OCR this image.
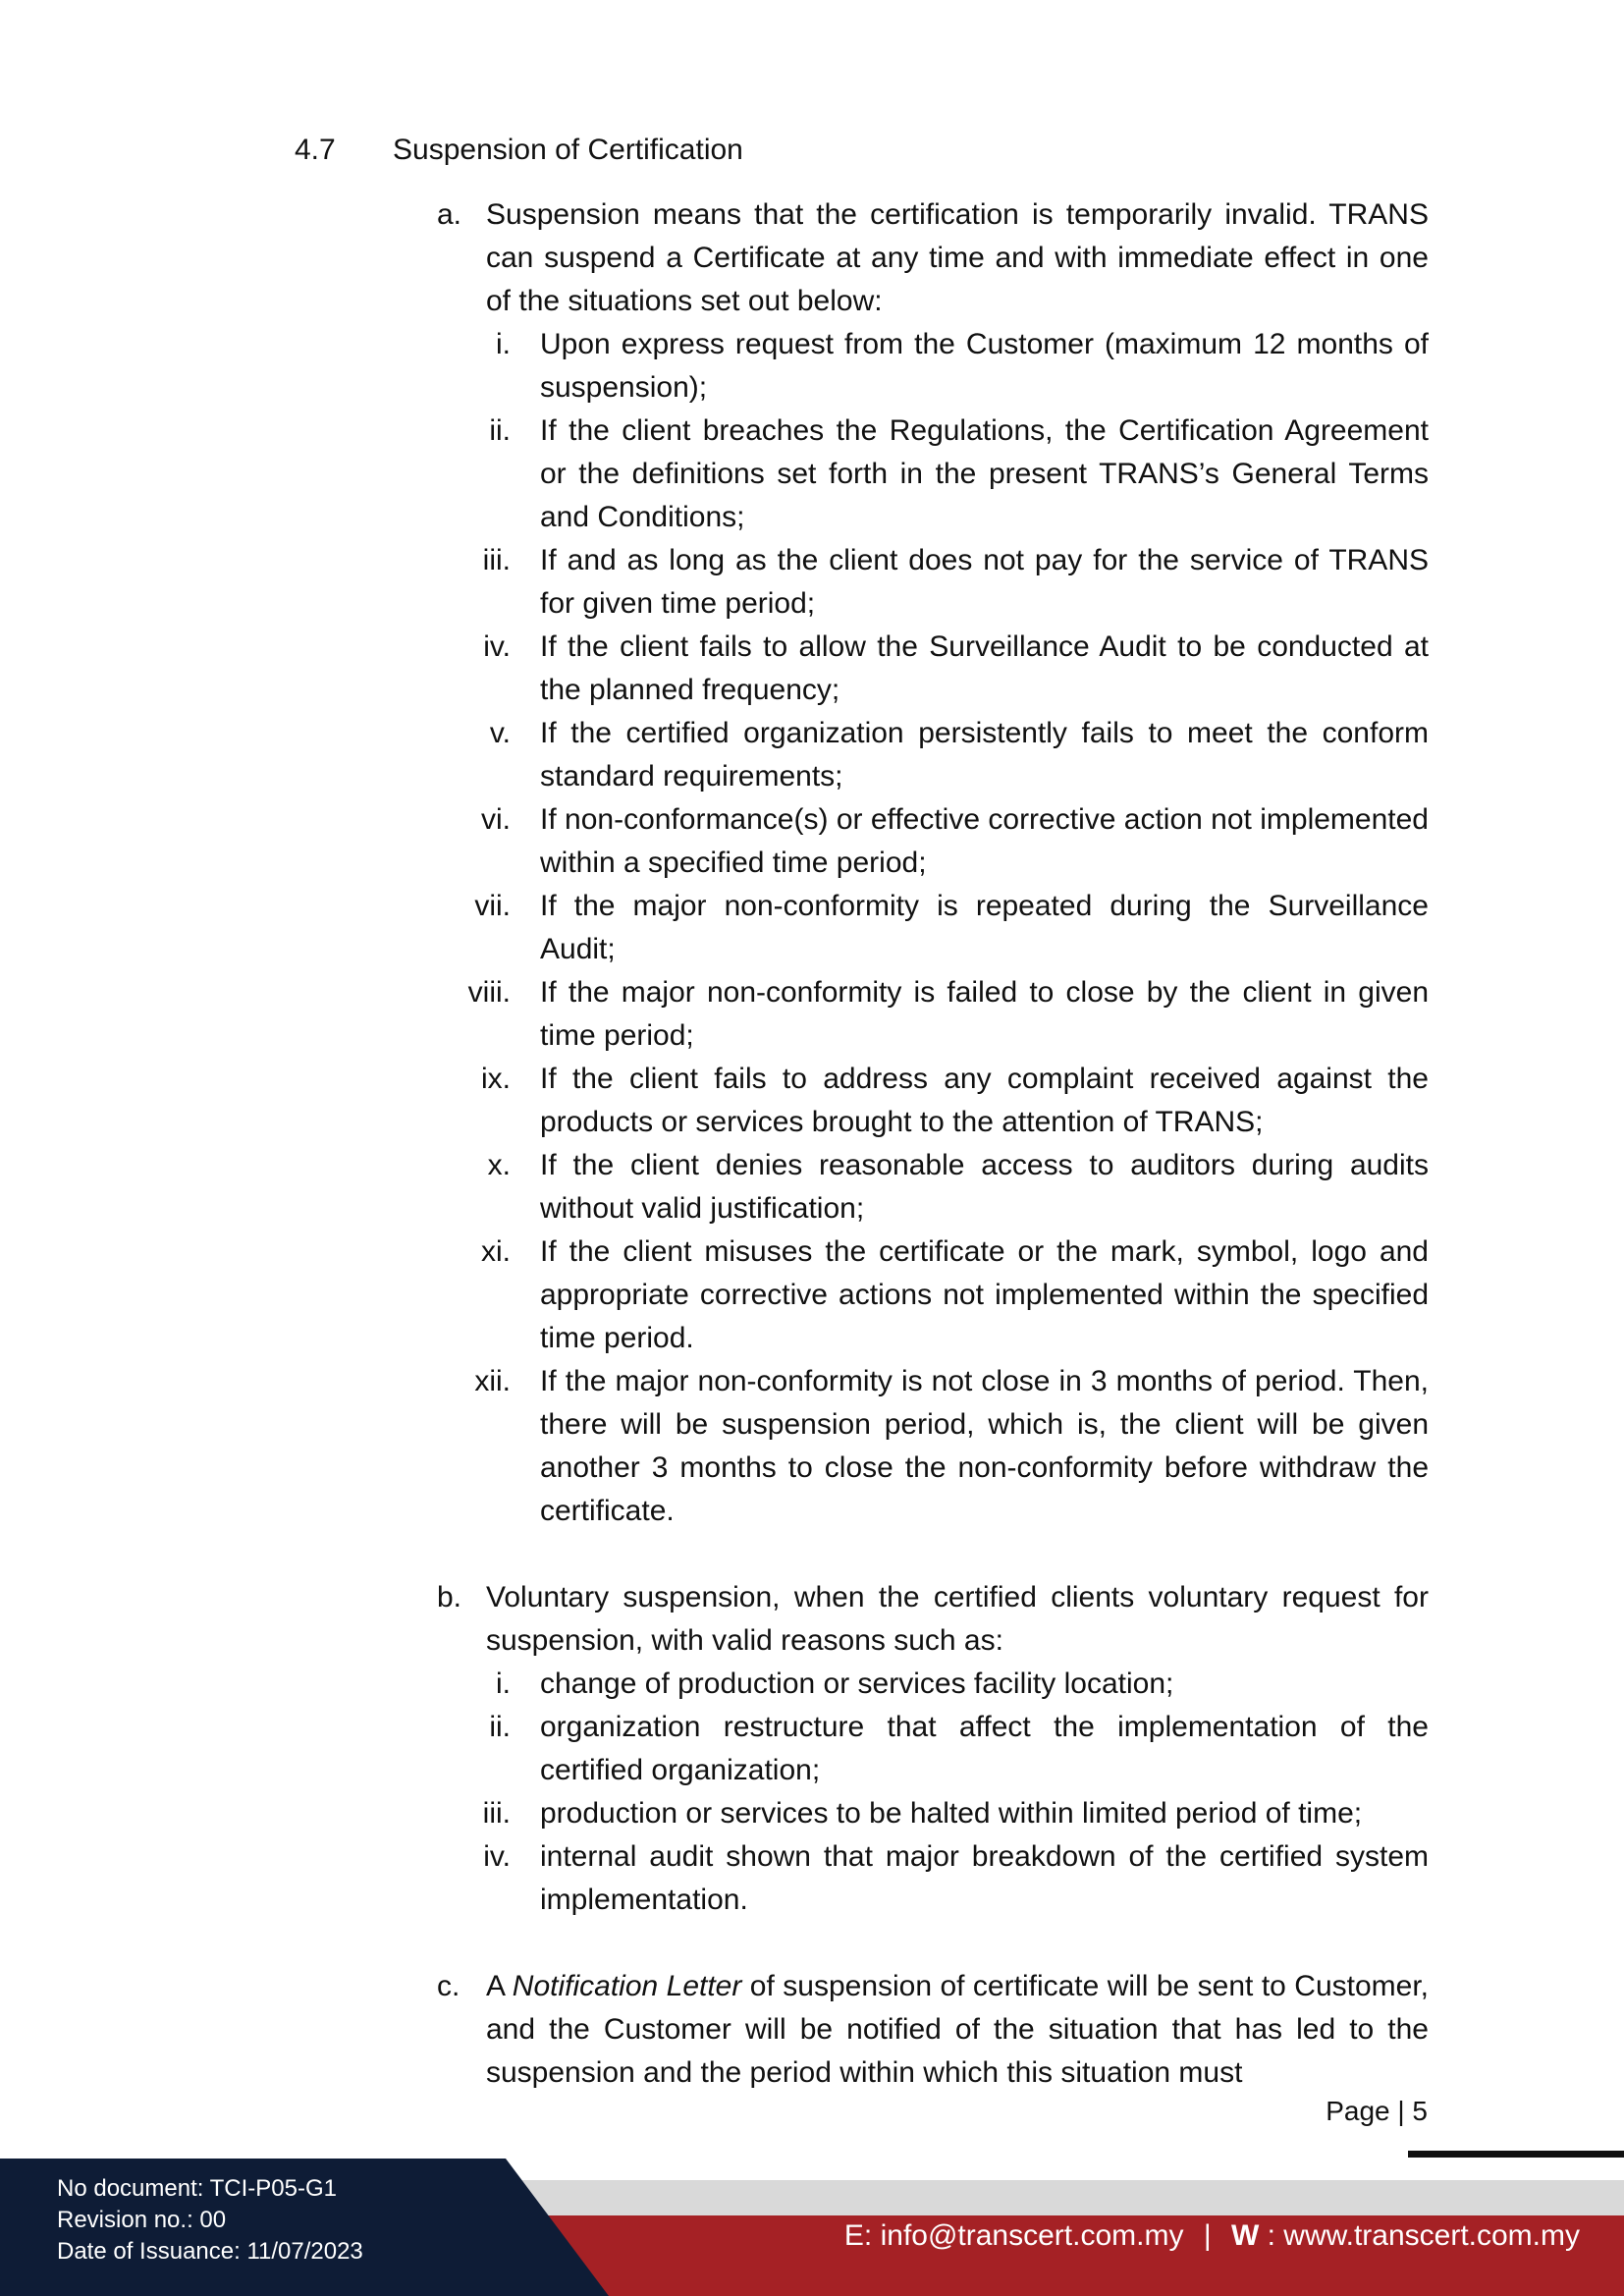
4.7 Suspension of Certification
a. Suspension means that the certification is temporarily invalid. TRANS can suspend a Certificate at any time and with immediate effect in one of the situations set out below:
i.	Upon express request from the Customer (maximum 12 months of suspension);
ii.	If the client breaches the Regulations, the Certification Agreement or the definitions set forth in the present TRANS’s General Terms and Conditions;
iii.	If and as long as the client does not pay for the service of TRANS for given time period;
iv.	If the client fails to allow the Surveillance Audit to be conducted at the planned frequency;
v.	If the certified organization persistently fails to meet the conform standard requirements;
vi.	If non-conformance(s) or effective corrective action not implemented within a specified time period;
vii.	If the major non-conformity is repeated during the Surveillance Audit;
viii.	If the major non-conformity is failed to close by the client in given time period;
ix.	If the client fails to address any complaint received against the products or services brought to the attention of TRANS;
x.	If the client denies reasonable access to auditors during audits without valid justification;
xi.	If the client misuses the certificate or the mark, symbol, logo and appropriate corrective actions not implemented within the specified time period.
xii.	If the major non-conformity is not close in 3 months of period. Then, there will be suspension period, which is, the client will be given another 3 months to close the non-conformity before withdraw the certificate.
b. Voluntary suspension, when the certified clients voluntary request for suspension, with valid reasons such as:
i.	change of production or services facility location;
ii.	organization restructure that affect the implementation of the certified organization;
iii.	production or services to be halted within limited period of time;
iv.	internal audit shown that major breakdown of the certified system implementation.
c. A Notification Letter of suspension of certificate will be sent to Customer, and the Customer will be notified of the situation that has led to the suspension and the period within which this situation must
Page | 5
No document: TCI-P05-G1
Revision no.: 00
Date of Issuance: 11/07/2023	E: info@transcert.com.my | W : www.transcert.com.my
